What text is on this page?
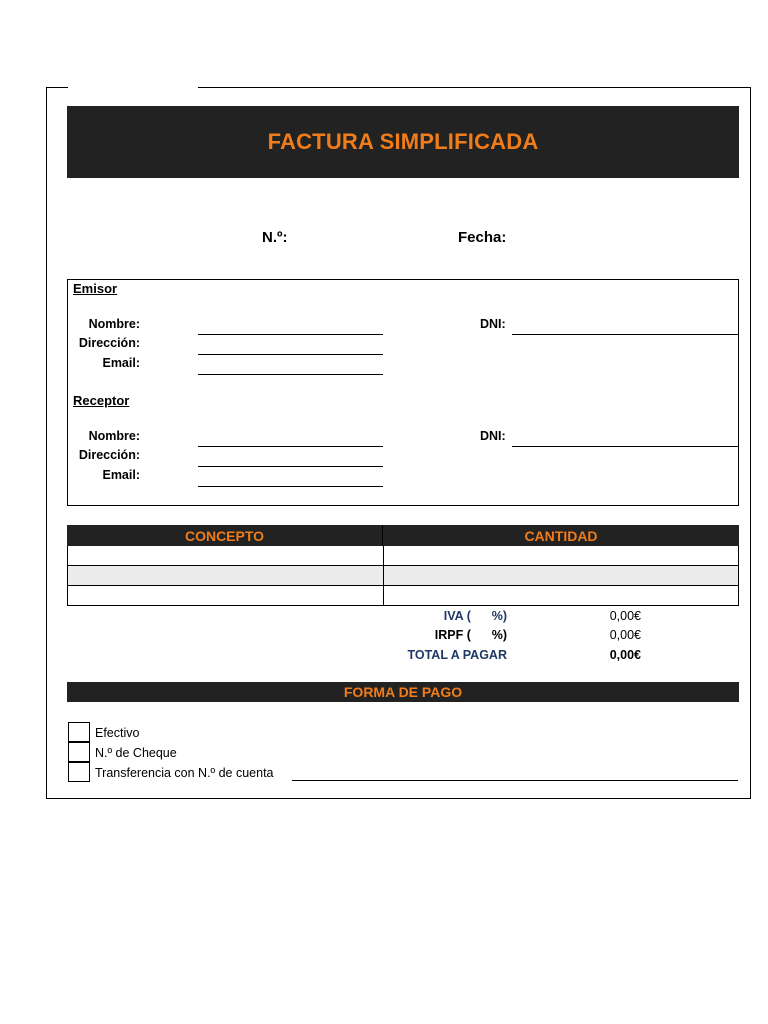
FACTURA SIMPLIFICADA
N.º:	Fecha:
Emisor
Nombre:
Dirección:
Email:
DNI:
Receptor
Nombre:
Dirección:
Email:
DNI:
CONCEPTO	CANTIDAD
IVA (      %)	0,00€
IRPF (      %)	0,00€
TOTAL A PAGAR	0,00€
FORMA DE PAGO
Efectivo
N.º de Cheque
Transferencia con N.º de cuenta
